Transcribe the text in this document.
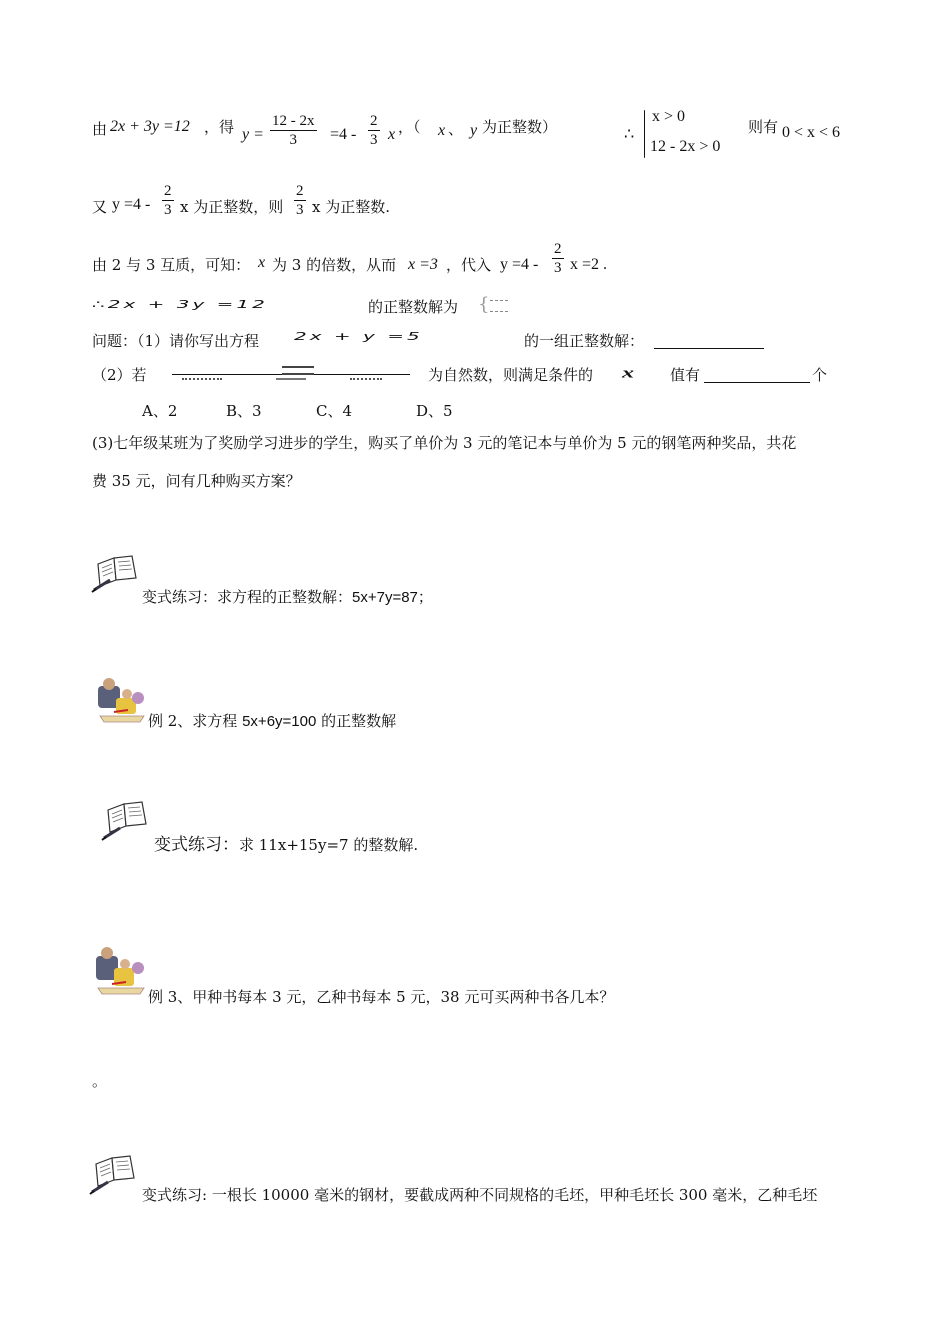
由 2x + 3y =12 ，得 $y = \frac{12 - 2x}{3} =4 - \frac{2}{3}$ x ，（ x 、 y 为正整数）	∴
x > 0
12 - 2x > 0
则有 0 < x < 6
又 $y =4 - \frac{2}{3}$ x 为正整数，则 $\frac{2}{3}$ x 为正整数.
由 2 与 3 互质，可知： x 为 3 的倍数，从而 x =3 ，代入 $y =4 - \frac{2}{3}$ x =2 .
∴2x + 3y =12	的正整数解为 {
问题：（1）请你写出方程 2x + y =5	的一组正整数解：
（2）若	为自然数，则满足条件的 x 值有	个
A、2	B、3	C、4	D、5
(3)七年级某班为了奖励学习进步的学生，购买了单价为 3 元的笔记本与单价为 5 元的钢笔两种奖品，共花
费 35 元，问有几种购买方案？
变式练习：求方程的正整数解：5x+7y=87；
例 2、求方程 5x+6y=100 的正整数解
变式练习：求 11x+15y=7 的整数解.
例 3、甲种书每本 3 元，乙种书每本 5 元，38 元可买两种书各几本？
。
变式练习: 一根长 10000 毫米的钢材，要截成两种不同规格的毛坯，甲种毛坯长 300 毫米，乙种毛坯
